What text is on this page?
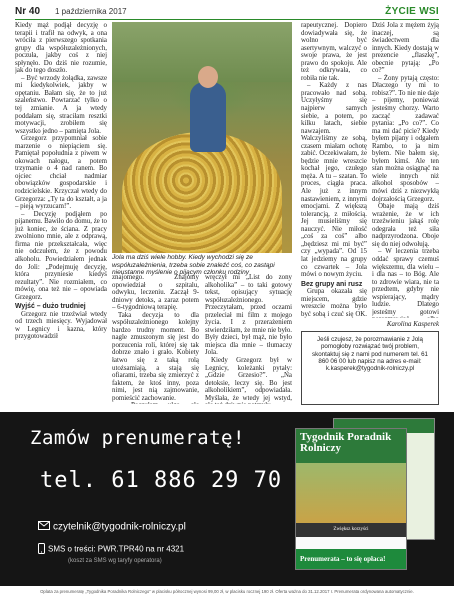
Nr 40 1 października 2017	ŻYCIE WSI

Kiedy mąż podjął decyzję o terapii i trafił na odwyk, a ona wróciła z pierwszego spotkania grupy dla współuzależnionych, poczuła, jakby coś z niej spłynęło. Do dziś nie rozumie, jak do tego doszło.

– Być wrzody żołądka, zawsze mi kiedykolwiek, jakby w opętaniu. Bałam się, że to już szaleństwo. Powtarzać tylko o tej zmianie. A ja wtedy poddałam się, straciłam resztki motywacji, zrobiłem się wszystko jedno – pamięta Jola.

Grzegorz przypomniał sobie marzenie o niepiąciem się. Pamiętał popołudnia z piwem w okowach nałogu, a potem trzymanie o 4 nad ranem. Bo ojciec chciał nadmiar obowiązków gospodarskie i rodzicielskie. Krzyczał wtedy do Grzegorza: „Ty ta do kształt, a ja – pieją wyrzucam!”.

– Decyzję podjąłem po pijanemu. Bawiło do domu, że to już koniec, że ściana. Z pracy zwolniono mnie, ale z odprawą, firma nie przekształcała, więc nie odczułem, że z powodu alkoholu. Powiedziałem jednak do Joli: „Podejmuję decyzję, która przyniesie kiedyś rezultaty”. Nie rozmiałem, co mówię, ona też nie – opowiada Grzegorz.

Wyjść – dużo trudniej

Grzegorz nie trzeźwiał wtedy od trzech miesięcy. Wyjadował w Legnicy i kazna, który przygotowadził

Jola ma dziś wiele hobby. Kiedy wychodzi się ze współuzależnienia, trzeba sobie znaleźć coś, co zastąpi nieustanne myślenie o pijącym członku rodziny

znajomego. Znajomy opowiedział o szpitalu, odwyku, leczeniu. Zaczął 9-dniowy detoks, a zaraz potem – 6-tygodniową terapię.

Taka decyzja to dla współuzależnionego kolejny bardzo trudny moment. Bo nagle zmuszonym się jest do porzucenia roli, której się tak dobrze znało i grało. Kobiety łatwo się z taką rolą utożsamiają, a stają się ofiarami, trzeba się zmierzyć z faktem, że ktoś inny, poza nimi, jest nią zajmowanie, pomieścić zachowanie.

wręczył mi „List do zony alkoholika” – to taki gotowy tekst, opisujący sytuację współuzależnionego. Przeczytałam, przed oczami przeleciał mi film z mojego życia. I z przerażeniem stwierdziłam, że mnie nie było. Były dzieci, był mąż, nie było miejsca dla mnie – tłumaczy Jola.

Kiedy Grzegorz był w Legnicy, koleżanki pytały: „Gdzie Grzesio?”. „Na detoksie, leczy się. Bo jest alkoholikiem”, odpowiadała. Myślała, że wtedy jej wstyd,

rapeutycznej. Dopiero dowiadywała się, że wolno być asertywnym, walczyć o swoje prawa, że jest prawo do spokoju. Ale też odkrywała, co robiła nie tak.

– Każdy z nas pracowało nad sobą. Uczyłyśmy się najpierw samych siebie, a potem, po kilku latach, siebie nawzajem. Walczyliśmy ze sobą, czasem miałam ochotę zabić. Oczekiwałam, że będzie mnie wreszcie kochał jego, czułego męża. A tu – szatan. To proces, ciągła praca. Ale już z innym nastawieniem, z innymi emocjami. Z większą tolerancją, z miłością. Jej musieliśmy się nauczyć. Nie miłość „coś za coś” albo „będziesz mi mi być” czy „wypada”. Od 15 lat jedziemy na grupy co czwartek – Jola mówi o nowym życiu.

Bez grupy ani rusz

Grupa okazała się miejscem, gdzie wreszcie można było być sobą i czuć się OK.

Dziś Jola z mężem żyją inaczej, są świadectwem dla innych. Kiedy dostają w prezencie „flaszkę”, obecnie pytają: „Po co?”

– Żony pytają często: Dlaczego ty mi to robisz?”. To nie nie daje – pijemy, ponieważ jesteśmy chorzy. Warto zacząć zadawać pytania: „Po co?”. Co ma mi dać picie? Kiedy byłem pijany i odgałem Rambo, to ja nim byłem. Nie bałem się, byłem kimś. Ale ten stan można osiągnąć na wiele innych niż alkohol sposobów – mówi dziś z niezwykłą dojrzałością Grzegorz.

Obaje mają dziś wrażenie, że w ich trzeźwieniu jakąś rolę odegrała też siła nadprzyrodzona. Oboje się do niej odwołują.

– W leczenia trzeba oddać sprawy czemuś większemu, dla wielu – i dla nas – to Bóg. Ale to zdrowie wiara, nie ta przedtem, gdyby nie wspierający, mądry ludzie. Dlatego jesteśmy gotowi

Karolina Kasperek
Jeśli czujesz, że porozmawianie z Jolą pomogłoby rozwiązać twój problem, skontaktuj się z nami pod numerem tel. 61 860 06 00 lub napisz na adres e-mail: k.kasperek@tygodnik-rolniczy.pl
Zamów prenumeratę!
tel. 61 886 29 70
czytelnik@tygodnik-rolniczy.pl
SMS o treści: PWR.TPR40 na nr 4321
(koszt za SMS wg taryfy operatora)
Tygodnik Poradnik Rolniczy
Zwiększ korzyści
Prenumerata – to się opłaca!
Oplata za prenumeratę „Tygodnika Poradnika Rolniczego” w placisku półrocznej wynosi 99,00 zł, w placisku rocznej 190 zł. Oferta ważna do 31.12.2017 r. Prenumerata ordynowana automatycznie.
